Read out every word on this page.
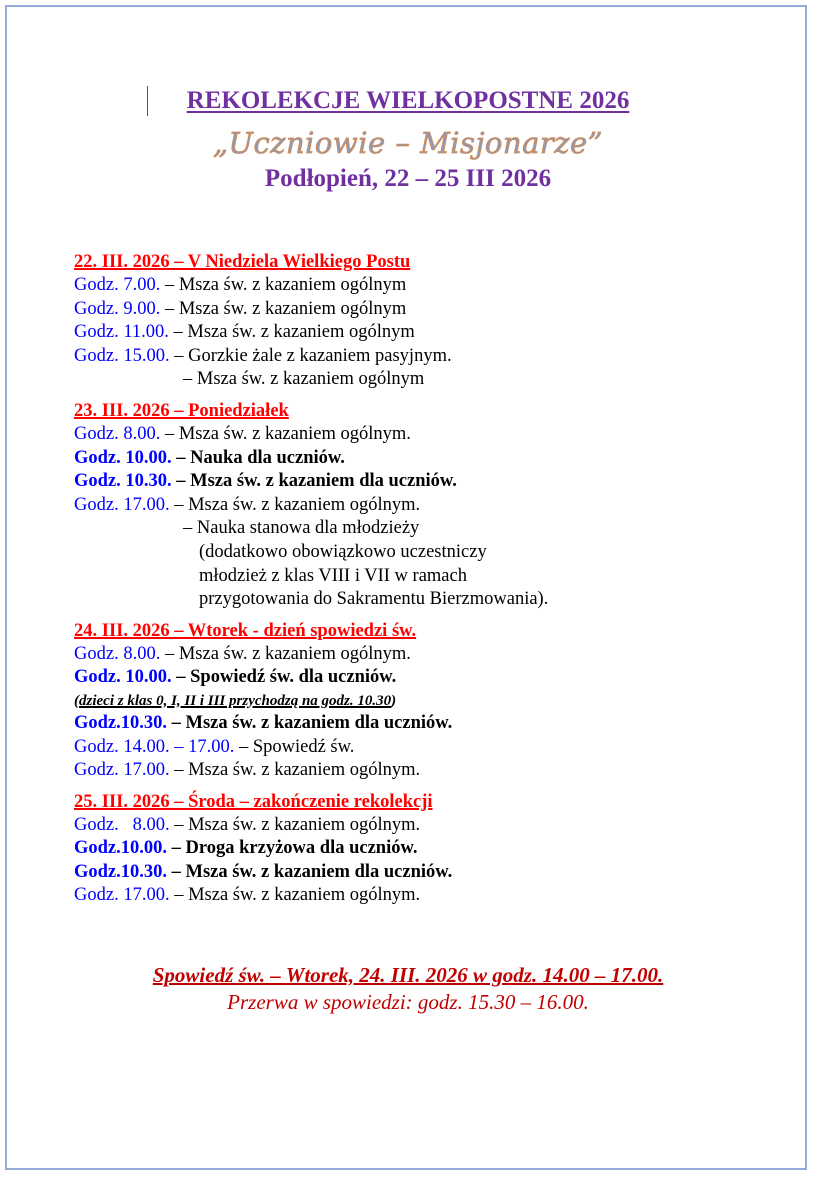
REKOLEKCJE WIELKOPOSTNE 2026
„Uczniowie – Misjonarze”
Podłopień, 22 – 25 III 2026
22. III. 2026 – V Niedziela Wielkiego Postu
Godz. 7.00. – Msza św. z kazaniem ogólnym
Godz. 9.00. – Msza św. z kazaniem ogólnym
Godz. 11.00. – Msza św. z kazaniem ogólnym
Godz. 15.00. – Gorzkie żale z kazaniem pasyjnym.
– Msza św. z kazaniem ogólnym
23. III. 2026 – Poniedziałek
Godz. 8.00. – Msza św. z kazaniem ogólnym.
Godz. 10.00. – Nauka dla uczniów.
Godz. 10.30. – Msza św. z kazaniem dla uczniów.
Godz. 17.00. – Msza św. z kazaniem ogólnym.
– Nauka stanowa dla młodzieży
(dodatkowo obowiązkowo uczestniczy
młodzież z klas VIII i VII w ramach
przygotowania do Sakramentu Bierzmowania).
24. III. 2026 – Wtorek - dzień spowiedzi św.
Godz. 8.00. – Msza św. z kazaniem ogólnym.
Godz. 10.00. – Spowiedź św. dla uczniów.
(dzieci z klas 0, I, II i III przychodzą na godz. 10.30)
Godz.10.30. – Msza św. z kazaniem dla uczniów.
Godz. 14.00. – 17.00. – Spowiedź św.
Godz. 17.00. – Msza św. z kazaniem ogólnym.
25. III. 2026 – Środa – zakończenie rekolekcji
Godz.   8.00. – Msza św. z kazaniem ogólnym.
Godz.10.00. – Droga krzyżowa dla uczniów.
Godz.10.30. – Msza św. z kazaniem dla uczniów.
Godz. 17.00. – Msza św. z kazaniem ogólnym.
Spowiedź św. – Wtorek, 24. III. 2026 w godz. 14.00 – 17.00.
Przerwa w spowiedzi: godz. 15.30 – 16.00.
